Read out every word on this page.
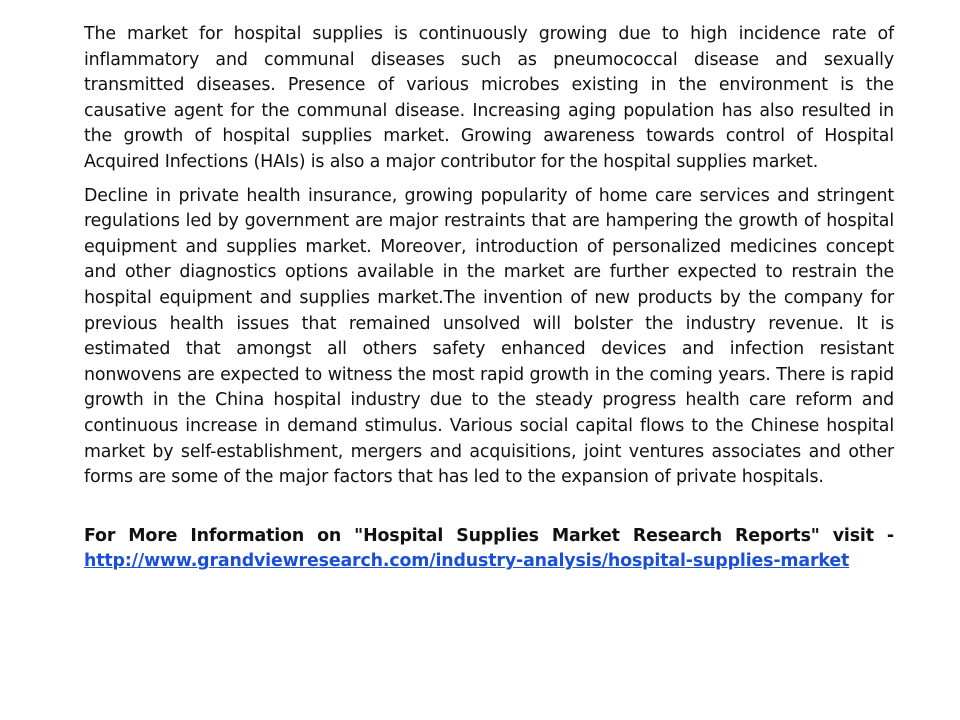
The market for hospital supplies is continuously growing due to high incidence rate of inflammatory and communal diseases such as pneumococcal disease and sexually transmitted diseases. Presence of various microbes existing in the environment is the causative agent for the communal disease. Increasing aging population has also resulted in the growth of hospital supplies market. Growing awareness towards control of Hospital Acquired Infections (HAIs) is also a major contributor for the hospital supplies market.

Decline in private health insurance, growing popularity of home care services and stringent regulations led by government are major restraints that are hampering the growth of hospital equipment and supplies market. Moreover, introduction of personalized medicines concept and other diagnostics options available in the market are further expected to restrain the hospital equipment and supplies market.The invention of new products by the company for previous health issues that remained unsolved will bolster the industry revenue. It is estimated that amongst all others safety enhanced devices and infection resistant nonwovens are expected to witness the most rapid growth in the coming years. There is rapid growth in the China hospital industry due to the steady progress health care reform and continuous increase in demand stimulus. Various social capital flows to the Chinese hospital market by self-establishment, mergers and acquisitions, joint ventures associates and other forms are some of the major factors that has led to the expansion of private hospitals.

For More Information on "Hospital Supplies Market Research Reports" visit - http://www.grandviewresearch.com/industry-analysis/hospital-supplies-market
